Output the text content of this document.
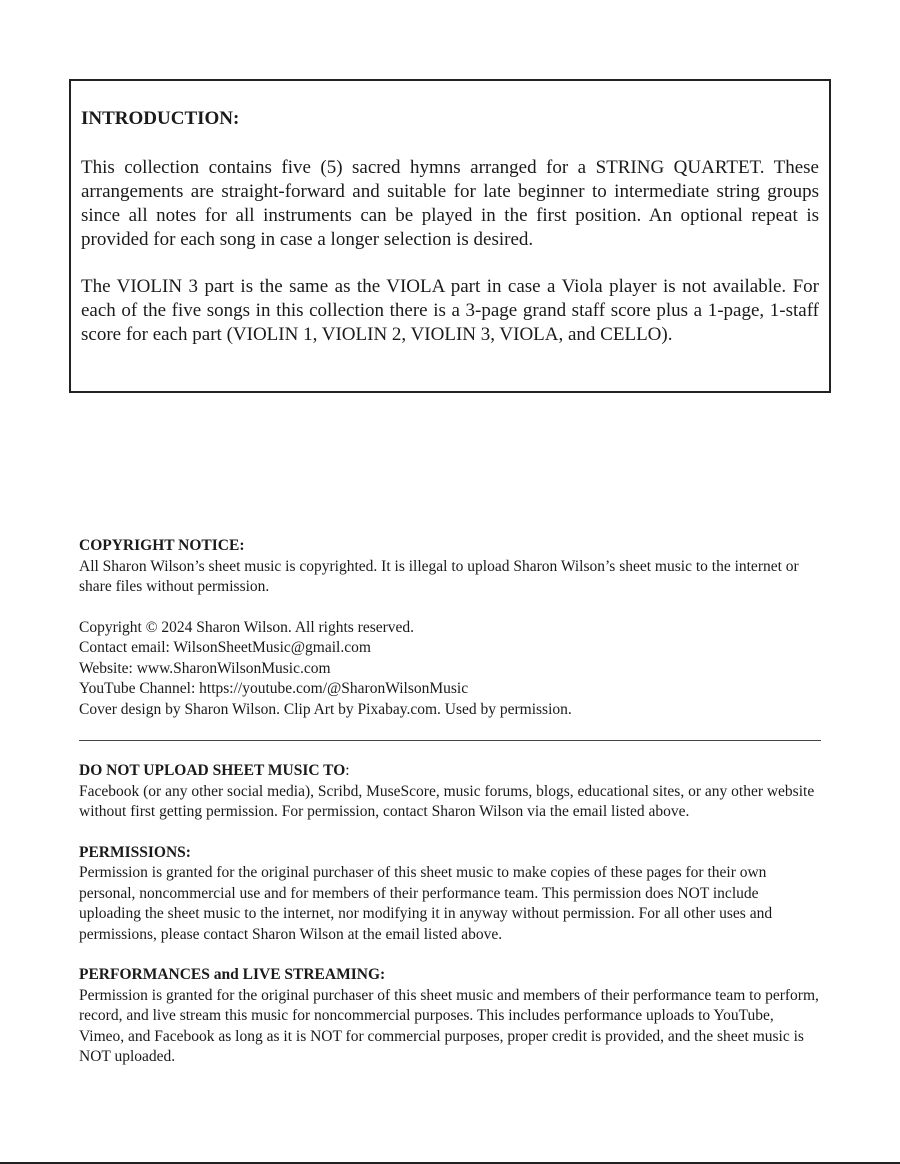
INTRODUCTION:

This collection contains five (5) sacred hymns arranged for a STRING QUARTET. These arrangements are straight-forward and suitable for late beginner to intermediate string groups since all notes for all instruments can be played in the first position. An optional repeat is provided for each song in case a longer selection is desired.

The VIOLIN 3 part is the same as the VIOLA part in case a Viola player is not available. For each of the five songs in this collection there is a 3-page grand staff score plus a 1-page, 1-staff score for each part (VIOLIN 1, VIOLIN 2, VIOLIN 3, VIOLA, and CELLO).

COPYRIGHT NOTICE:

All Sharon Wilson’s sheet music is copyrighted. It is illegal to upload Sharon Wilson’s sheet music to the internet or share files without permission.

Copyright © 2024 Sharon Wilson. All rights reserved.
Contact email: WilsonSheetMusic@gmail.com
Website: www.SharonWilsonMusic.com
YouTube Channel: https://youtube.com/@SharonWilsonMusic
Cover design by Sharon Wilson. Clip Art by Pixabay.com. Used by permission.

DO NOT UPLOAD SHEET MUSIC TO:

Facebook (or any other social media), Scribd, MuseScore, music forums, blogs, educational sites, or any other website without first getting permission. For permission, contact Sharon Wilson via the email listed above.

PERMISSIONS:

Permission is granted for the original purchaser of this sheet music to make copies of these pages for their own personal, noncommercial use and for members of their performance team. This permission does NOT include uploading the sheet music to the internet, nor modifying it in anyway without permission. For all other uses and permissions, please contact Sharon Wilson at the email listed above.

PERFORMANCES and LIVE STREAMING:

Permission is granted for the original purchaser of this sheet music and members of their performance team to perform, record, and live stream this music for noncommercial purposes. This includes performance uploads to YouTube, Vimeo, and Facebook as long as it is NOT for commercial purposes, proper credit is provided, and the sheet music is NOT uploaded.
